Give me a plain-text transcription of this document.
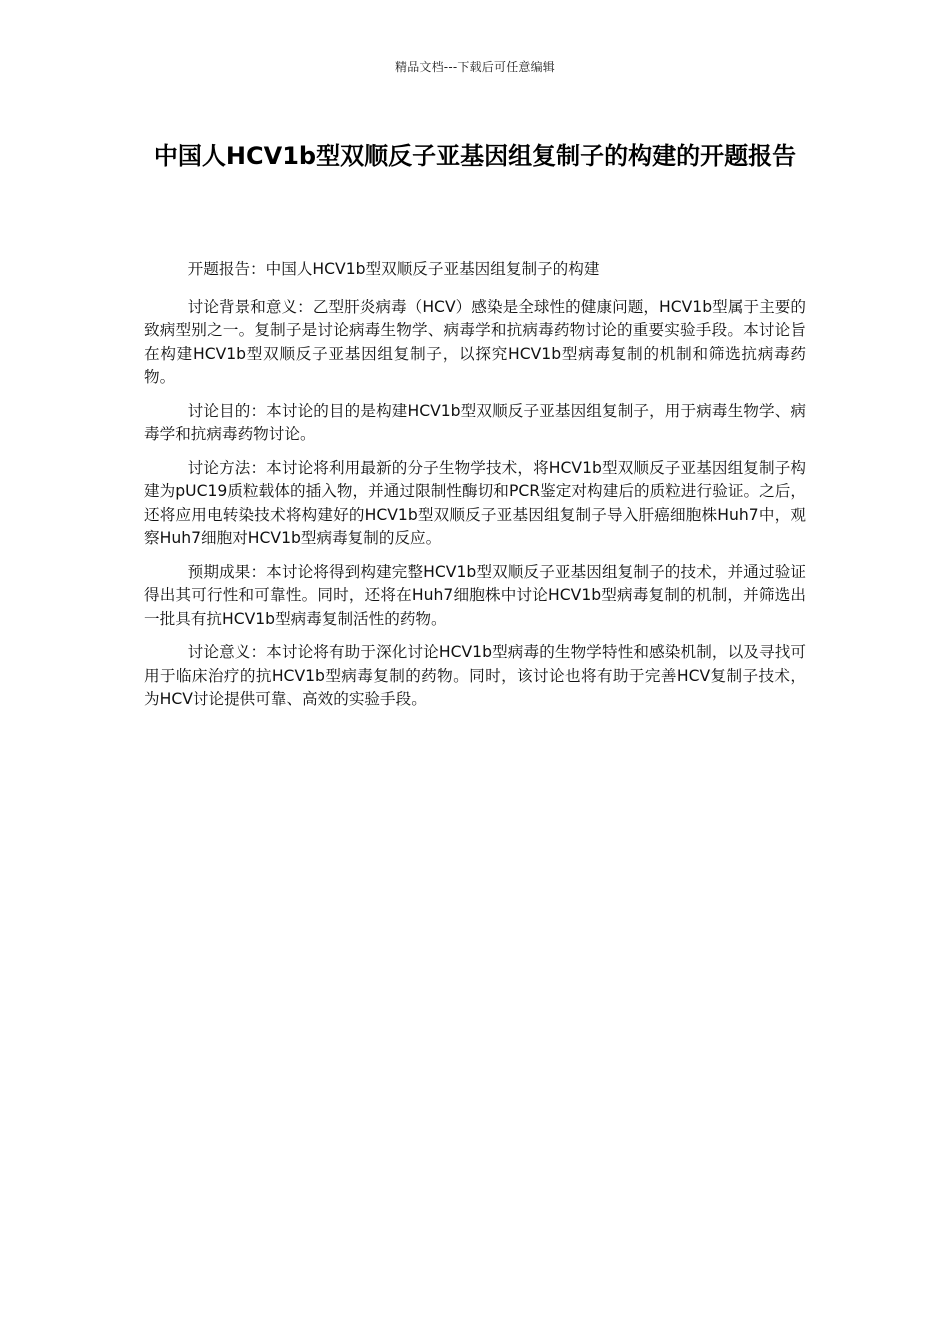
精品文档---下载后可任意编辑
中国人HCV1b型双顺反子亚基因组复制子的构建的开题报告

开题报告：中国人HCV1b型双顺反子亚基因组复制子的构建

讨论背景和意义：乙型肝炎病毒（HCV）感染是全球性的健康问题，HCV1b型属于主要的致病型别之一。复制子是讨论病毒生物学、病毒学和抗病毒药物讨论的重要实验手段。本讨论旨在构建HCV1b型双顺反子亚基因组复制子，以探究HCV1b型病毒复制的机制和筛选抗病毒药物。

讨论目的：本讨论的目的是构建HCV1b型双顺反子亚基因组复制子，用于病毒生物学、病毒学和抗病毒药物讨论。

讨论方法：本讨论将利用最新的分子生物学技术，将HCV1b型双顺反子亚基因组复制子构建为pUC19质粒载体的插入物，并通过限制性酶切和PCR鉴定对构建后的质粒进行验证。之后，还将应用电转染技术将构建好的HCV1b型双顺反子亚基因组复制子导入肝癌细胞株Huh7中，观察Huh7细胞对HCV1b型病毒复制的反应。

预期成果：本讨论将得到构建完整HCV1b型双顺反子亚基因组复制子的技术，并通过验证得出其可行性和可靠性。同时，还将在Huh7细胞株中讨论HCV1b型病毒复制的机制，并筛选出一批具有抗HCV1b型病毒复制活性的药物。

讨论意义：本讨论将有助于深化讨论HCV1b型病毒的生物学特性和感染机制，以及寻找可用于临床治疗的抗HCV1b型病毒复制的药物。同时，该讨论也将有助于完善HCV复制子技术，为HCV讨论提供可靠、高效的实验手段。
